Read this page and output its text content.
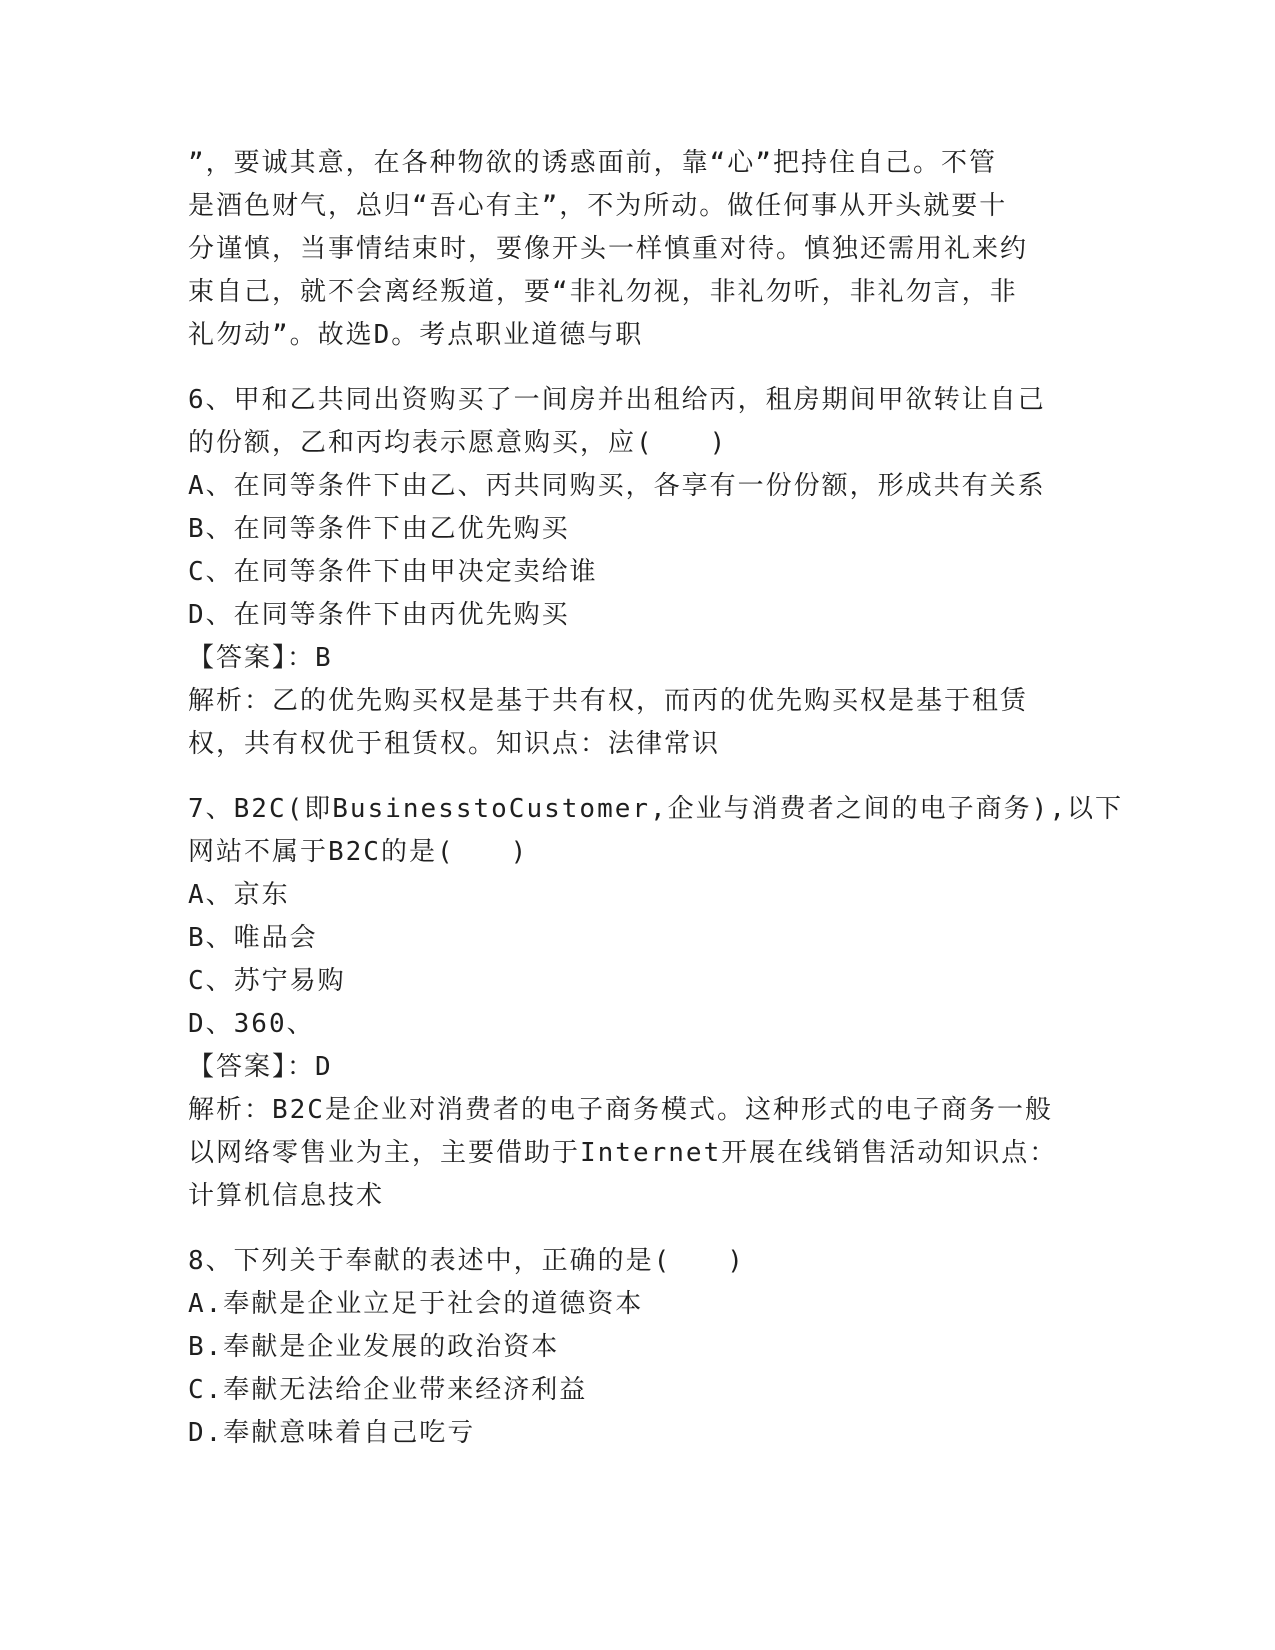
”，要诚其意，在各种物欲的诱惑面前，靠“心”把持住自己。不管
是酒色财气，总归“吾心有主”，不为所动。做任何事从开头就要十
分谨慎，当事情结束时，要像开头一样慎重对待。慎独还需用礼来约
束自己，就不会离经叛道，要“非礼勿视，非礼勿听，非礼勿言，非
礼勿动”。故选D。考点职业道德与职
6、甲和乙共同出资购买了一间房并出租给丙，租房期间甲欲转让自己
的份额，乙和丙均表示愿意购买，应(　　)
A、在同等条件下由乙、丙共同购买，各享有一份份额，形成共有关系
B、在同等条件下由乙优先购买
C、在同等条件下由甲决定卖给谁
D、在同等条件下由丙优先购买
【答案】：B
解析：乙的优先购买权是基于共有权，而丙的优先购买权是基于租赁
权，共有权优于租赁权。知识点：法律常识
7、B2C(即BusinesstoCustomer,企业与消费者之间的电子商务),以下
网站不属于B2C的是(　　)
A、京东
B、唯品会
C、苏宁易购
D、360、
【答案】：D
解析：B2C是企业对消费者的电子商务模式。这种形式的电子商务一般
以网络零售业为主，主要借助于Internet开展在线销售活动知识点：
计算机信息技术
8、下列关于奉献的表述中，正确的是(　　)
A.奉献是企业立足于社会的道德资本
B.奉献是企业发展的政治资本
C.奉献无法给企业带来经济利益
D.奉献意味着自己吃亏
